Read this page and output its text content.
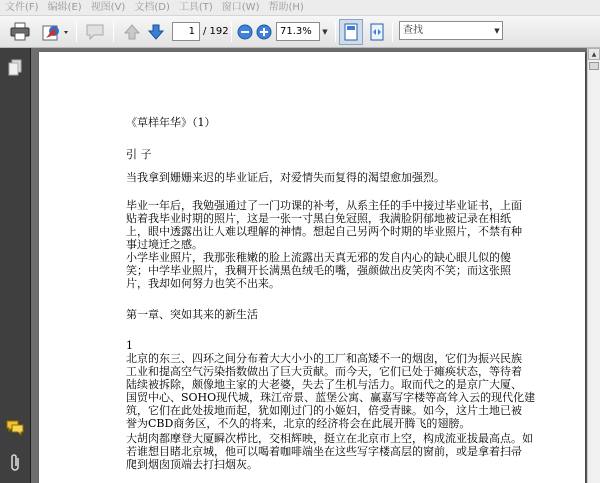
文件(F) 编辑(E) 视图(V) 文档(D) 工具(T) 窗口(W) 帮助(H)
1 / 192	71.3%	▼	查找	▼
《草样年华》（1）
引 子
当我拿到姗姗来迟的毕业证后，对爱情失而复得的渴望愈加强烈。
毕业一年后，我勉强通过了一门功课的补考，从系主任的手中接过毕业证书，上面
贴着我毕业时期的照片，这是一张一寸黑白免冠照，我满脸阴郁地被记录在相纸
上，眼中透露出让人难以理解的神情。想起自己另两个时期的毕业照片，不禁有种
事过境迁之感。
小学毕业照片，我那张稚嫩的脸上流露出天真无邪的发自内心的缺心眼儿似的傻
笑；中学毕业照片，我稠开长满黑色绒毛的嘴，强颜做出皮笑肉不笑；而这张照
片，我却如何努力也笑不出来。
第一章、突如其来的新生活
1
北京的东三、四环之间分布着大大小小的工厂和高矮不一的烟囱，它们为振兴民族
工业和提高空气污染指数做出了巨大贡献。而今天，它们已处于瘫痪状态，等待着
陆续被拆除，颇像地主家的大老婆，失去了生机与活力。取而代之的是京广大厦、
国贸中心、SOHO现代城，珠江帝景、蓝堡公寓、赢嘉写字楼等高耸入云的现代化建
筑，它们在此处拔地而起，犹如刚过门的小姬妇，倍受青睐。如今，这片土地已被
誉为CBD商务区，不久的将来，北京的经济将会在此展开腾飞的翅膀。
大胡肉都摩登大厦瞬次栉比，交相辉映，挺立在北京市上空，构成流亚拔最高点。如
若谁想目睹北京城，他可以喝着咖啡端坐在这些写字楼高层的窗前，或是拿着扫帚
爬到烟囱顶端去打扫烟灰。
▲
